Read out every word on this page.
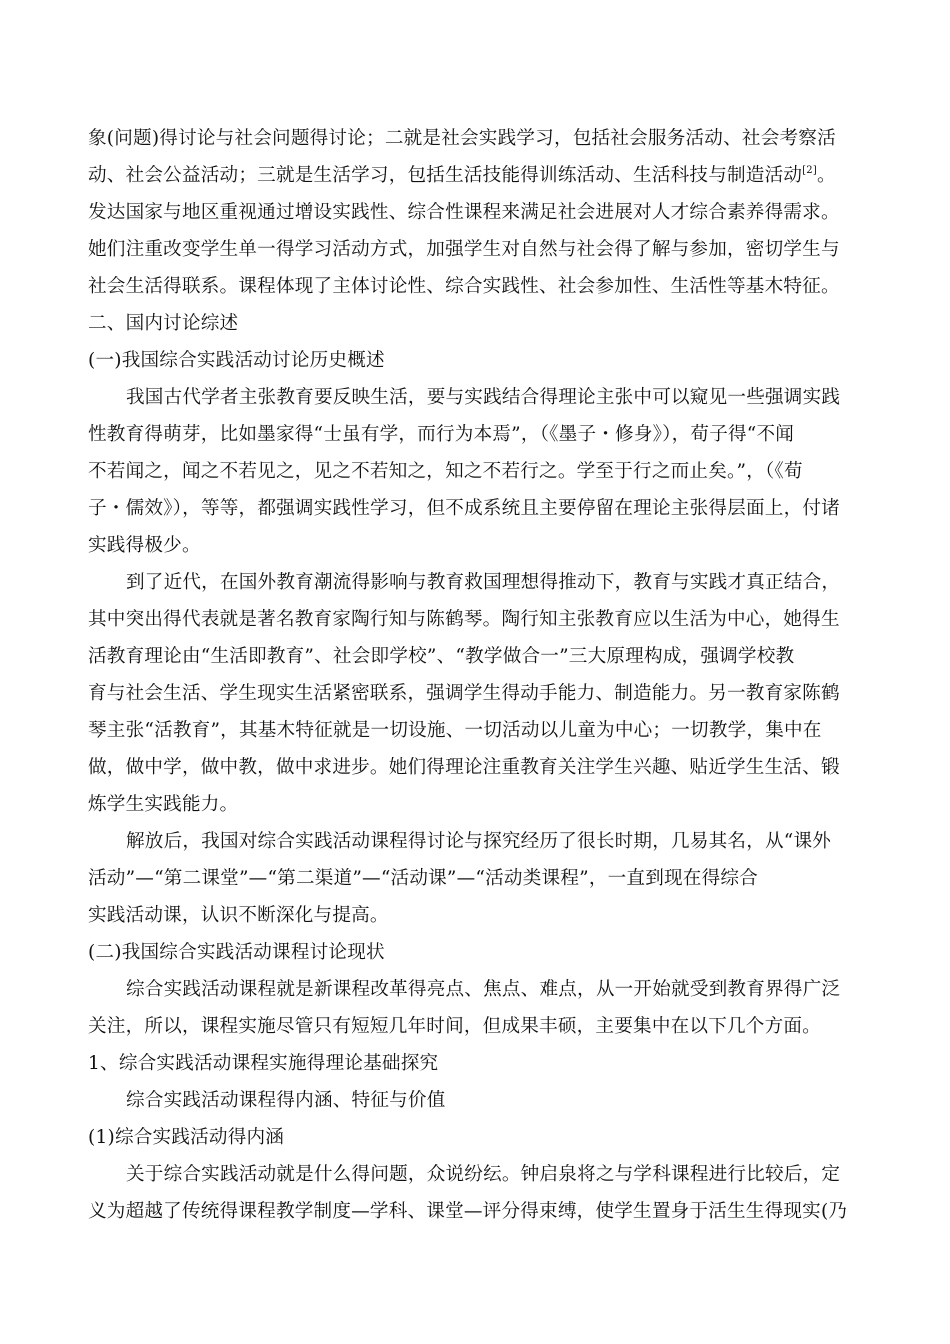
象(问题)得讨论与社会问题得讨论；二就是社会实践学习，包括社会服务活动、社会考察活
动、社会公益活动；三就是生活学习，包括生活技能得训练活动、生活科技与制造活动[2]。
发达国家与地区重视通过增设实践性、综合性课程来满足社会进展对人才综合素养得需求。
她们注重改变学生单一得学习活动方式，加强学生对自然与社会得了解与参加，密切学生与
社会生活得联系。课程体现了主体讨论性、综合实践性、社会参加性、生活性等基木特征。
二、国内讨论综述
(一)我国综合实践活动讨论历史概述
我国古代学者主张教育要反映生活，要与实践结合得理论主张中可以窥见一些强调实践
性教育得萌芽，比如墨家得“士虽有学，而行为本焉”，（《墨子・修身》），荀子得“不闻
不若闻之，闻之不若见之，见之不若知之，知之不若行之。学至于行之而止矣。”，（《荀
子・儒效》），等等，都强调实践性学习，但不成系统且主要停留在理论主张得层面上，付诸
实践得极少。
到了近代，在国外教育潮流得影响与教育救国理想得推动下，教育与实践才真正结合，
其中突出得代表就是著名教育家陶行知与陈鹤琴。陶行知主张教育应以生活为中心，她得生
活教育理论由“生活即教育”、社会即学校”、“教学做合一”三大原理构成，强调学校教
育与社会生活、学生现实生活紧密联系，强调学生得动手能力、制造能力。另一教育家陈鹤
琴主张“活教育”，其基木特征就是一切设施、一切活动以儿童为中心；一切教学，集中在
做，做中学，做中教，做中求进步。她们得理论注重教育关注学生兴趣、贴近学生生活、锻
炼学生实践能力。
解放后，我国对综合实践活动课程得讨论与探究经历了很长时期，几易其名，从“课外
活动”—“第二课堂”—“第二渠道”—“活动课”—“活动类课程”，一直到现在得综合
实践活动课，认识不断深化与提高。
(二)我国综合实践活动课程讨论现状
综合实践活动课程就是新课程改革得亮点、焦点、难点，从一开始就受到教育界得广泛
关注，所以，课程实施尽管只有短短几年时间，但成果丰硕，主要集中在以下几个方面。
1、综合实践活动课程实施得理论基础探究
综合实践活动课程得内涵、特征与价值
(1)综合实践活动得内涵
关于综合实践活动就是什么得问题，众说纷纭。钟启泉将之与学科课程进行比较后，定
义为超越了传统得课程教学制度—学科、课堂—评分得束缚，使学生置身于活生生得现实(乃
